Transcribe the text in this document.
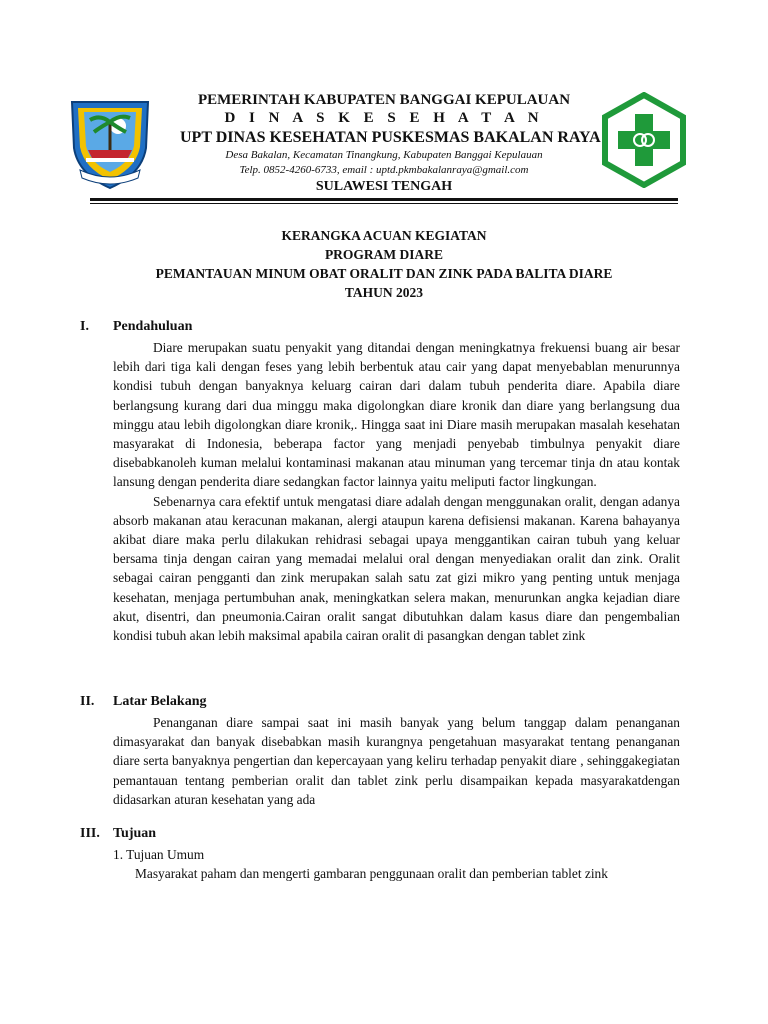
PEMERINTAH KABUPATEN BANGGAI KEPULAUAN
D I N A S K E S E H A T A N
UPT DINAS KESEHATAN PUSKESMAS BAKALAN RAYA
Desa Bakalan, Kecamatan Tinangkung, Kabupaten Banggai Kepulauan
Telp. 0852-4260-6733, email : uptd.pkmbakalanraya@gmail.com
SULAWESI TENGAH
KERANGKA ACUAN KEGIATAN
PROGRAM DIARE
PEMANTAUAN MINUM OBAT ORALIT DAN ZINK PADA BALITA DIARE
TAHUN 2023
I.	Pendahuluan

Diare merupakan suatu penyakit yang ditandai dengan meningkatnya frekuensi buang air besar lebih dari tiga kali dengan feses yang lebih berbentuk atau cair yang dapat menyebablan menurunnya kondisi tubuh dengan banyaknya keluarg cairan dari dalam tubuh penderita diare. Apabila diare berlangsung kurang dari dua minggu maka digolongkan diare kronik dan diare yang berlangsung dua minggu atau lebih digolongkan diare kronik,. Hingga saat ini Diare masih merupakan masalah kesehatan masyarakat di Indonesia, beberapa factor yang menjadi penyebab timbulnya penyakit diare disebabkanoleh kuman melalui kontaminasi makanan atau minuman yang tercemar tinja dn atau kontak lansung dengan penderita diare sedangkan factor lainnya yaitu meliputi factor lingkungan.

Sebenarnya cara efektif untuk mengatasi diare adalah dengan menggunakan oralit, dengan adanya absorb makanan atau keracunan makanan, alergi ataupun karena defisiensi makanan. Karena bahayanya akibat diare maka perlu dilakukan rehidrasi sebagai upaya menggantikan cairan tubuh yang keluar bersama tinja dengan cairan yang memadai melalui oral dengan menyediakan oralit dan zink. Oralit sebagai cairan pengganti dan zink merupakan salah satu zat gizi mikro yang penting untuk menjaga kesehatan, menjaga pertumbuhan anak, meningkatkan selera makan, menurunkan angka kejadian diare akut, disentri, dan pneumonia.Cairan oralit sangat dibutuhkan dalam kasus diare dan pengembalian kondisi tubuh akan lebih maksimal apabila cairan oralit di pasangkan dengan tablet zink

II.	Latar Belakang

Penanganan diare sampai saat ini masih banyak yang belum tanggap dalam penanganan dimasyarakat dan banyak disebabkan masih kurangnya pengetahuan masyarakat tentang penanganan diare serta banyaknya pengertian dan kepercayaan yang keliru terhadap penyakit diare , sehinggakegiatan pemantauan tentang pemberian oralit dan tablet zink perlu disampaikan kepada masyarakatdengan didasarkan aturan kesehatan yang ada

III. Tujuan
1. Tujuan Umum
Masyarakat paham dan mengerti gambaran penggunaan oralit dan pemberian tablet zink
